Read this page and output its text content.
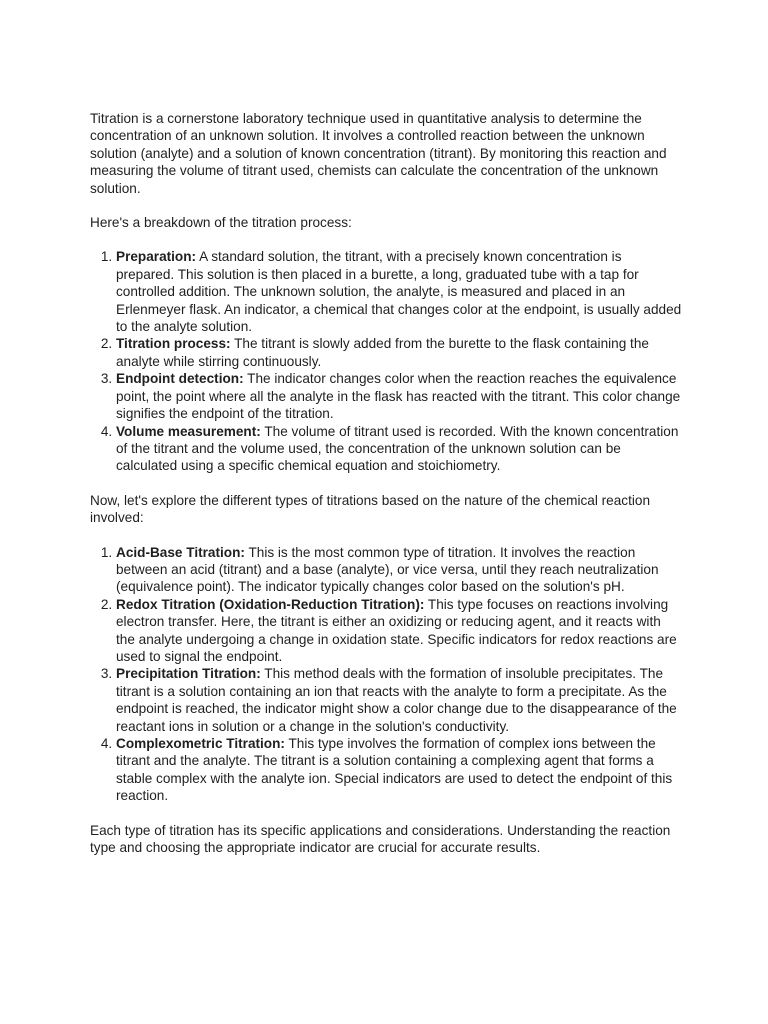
Titration is a cornerstone laboratory technique used in quantitative analysis to determine the concentration of an unknown solution. It involves a controlled reaction between the unknown solution (analyte) and a solution of known concentration (titrant). By monitoring this reaction and measuring the volume of titrant used, chemists can calculate the concentration of the unknown solution.

Here's a breakdown of the titration process:

1. Preparation: A standard solution, the titrant, with a precisely known concentration is prepared. This solution is then placed in a burette, a long, graduated tube with a tap for controlled addition. The unknown solution, the analyte, is measured and placed in an Erlenmeyer flask. An indicator, a chemical that changes color at the endpoint, is usually added to the analyte solution.
2. Titration process: The titrant is slowly added from the burette to the flask containing the analyte while stirring continuously.
3. Endpoint detection: The indicator changes color when the reaction reaches the equivalence point, the point where all the analyte in the flask has reacted with the titrant. This color change signifies the endpoint of the titration.
4. Volume measurement: The volume of titrant used is recorded. With the known concentration of the titrant and the volume used, the concentration of the unknown solution can be calculated using a specific chemical equation and stoichiometry.

Now, let's explore the different types of titrations based on the nature of the chemical reaction involved:

1. Acid-Base Titration: This is the most common type of titration. It involves the reaction between an acid (titrant) and a base (analyte), or vice versa, until they reach neutralization (equivalence point). The indicator typically changes color based on the solution's pH.
2. Redox Titration (Oxidation-Reduction Titration): This type focuses on reactions involving electron transfer. Here, the titrant is either an oxidizing or reducing agent, and it reacts with the analyte undergoing a change in oxidation state. Specific indicators for redox reactions are used to signal the endpoint.
3. Precipitation Titration: This method deals with the formation of insoluble precipitates. The titrant is a solution containing an ion that reacts with the analyte to form a precipitate. As the endpoint is reached, the indicator might show a color change due to the disappearance of the reactant ions in solution or a change in the solution's conductivity.
4. Complexometric Titration: This type involves the formation of complex ions between the titrant and the analyte. The titrant is a solution containing a complexing agent that forms a stable complex with the analyte ion. Special indicators are used to detect the endpoint of this reaction.

Each type of titration has its specific applications and considerations. Understanding the reaction type and choosing the appropriate indicator are crucial for accurate results.
